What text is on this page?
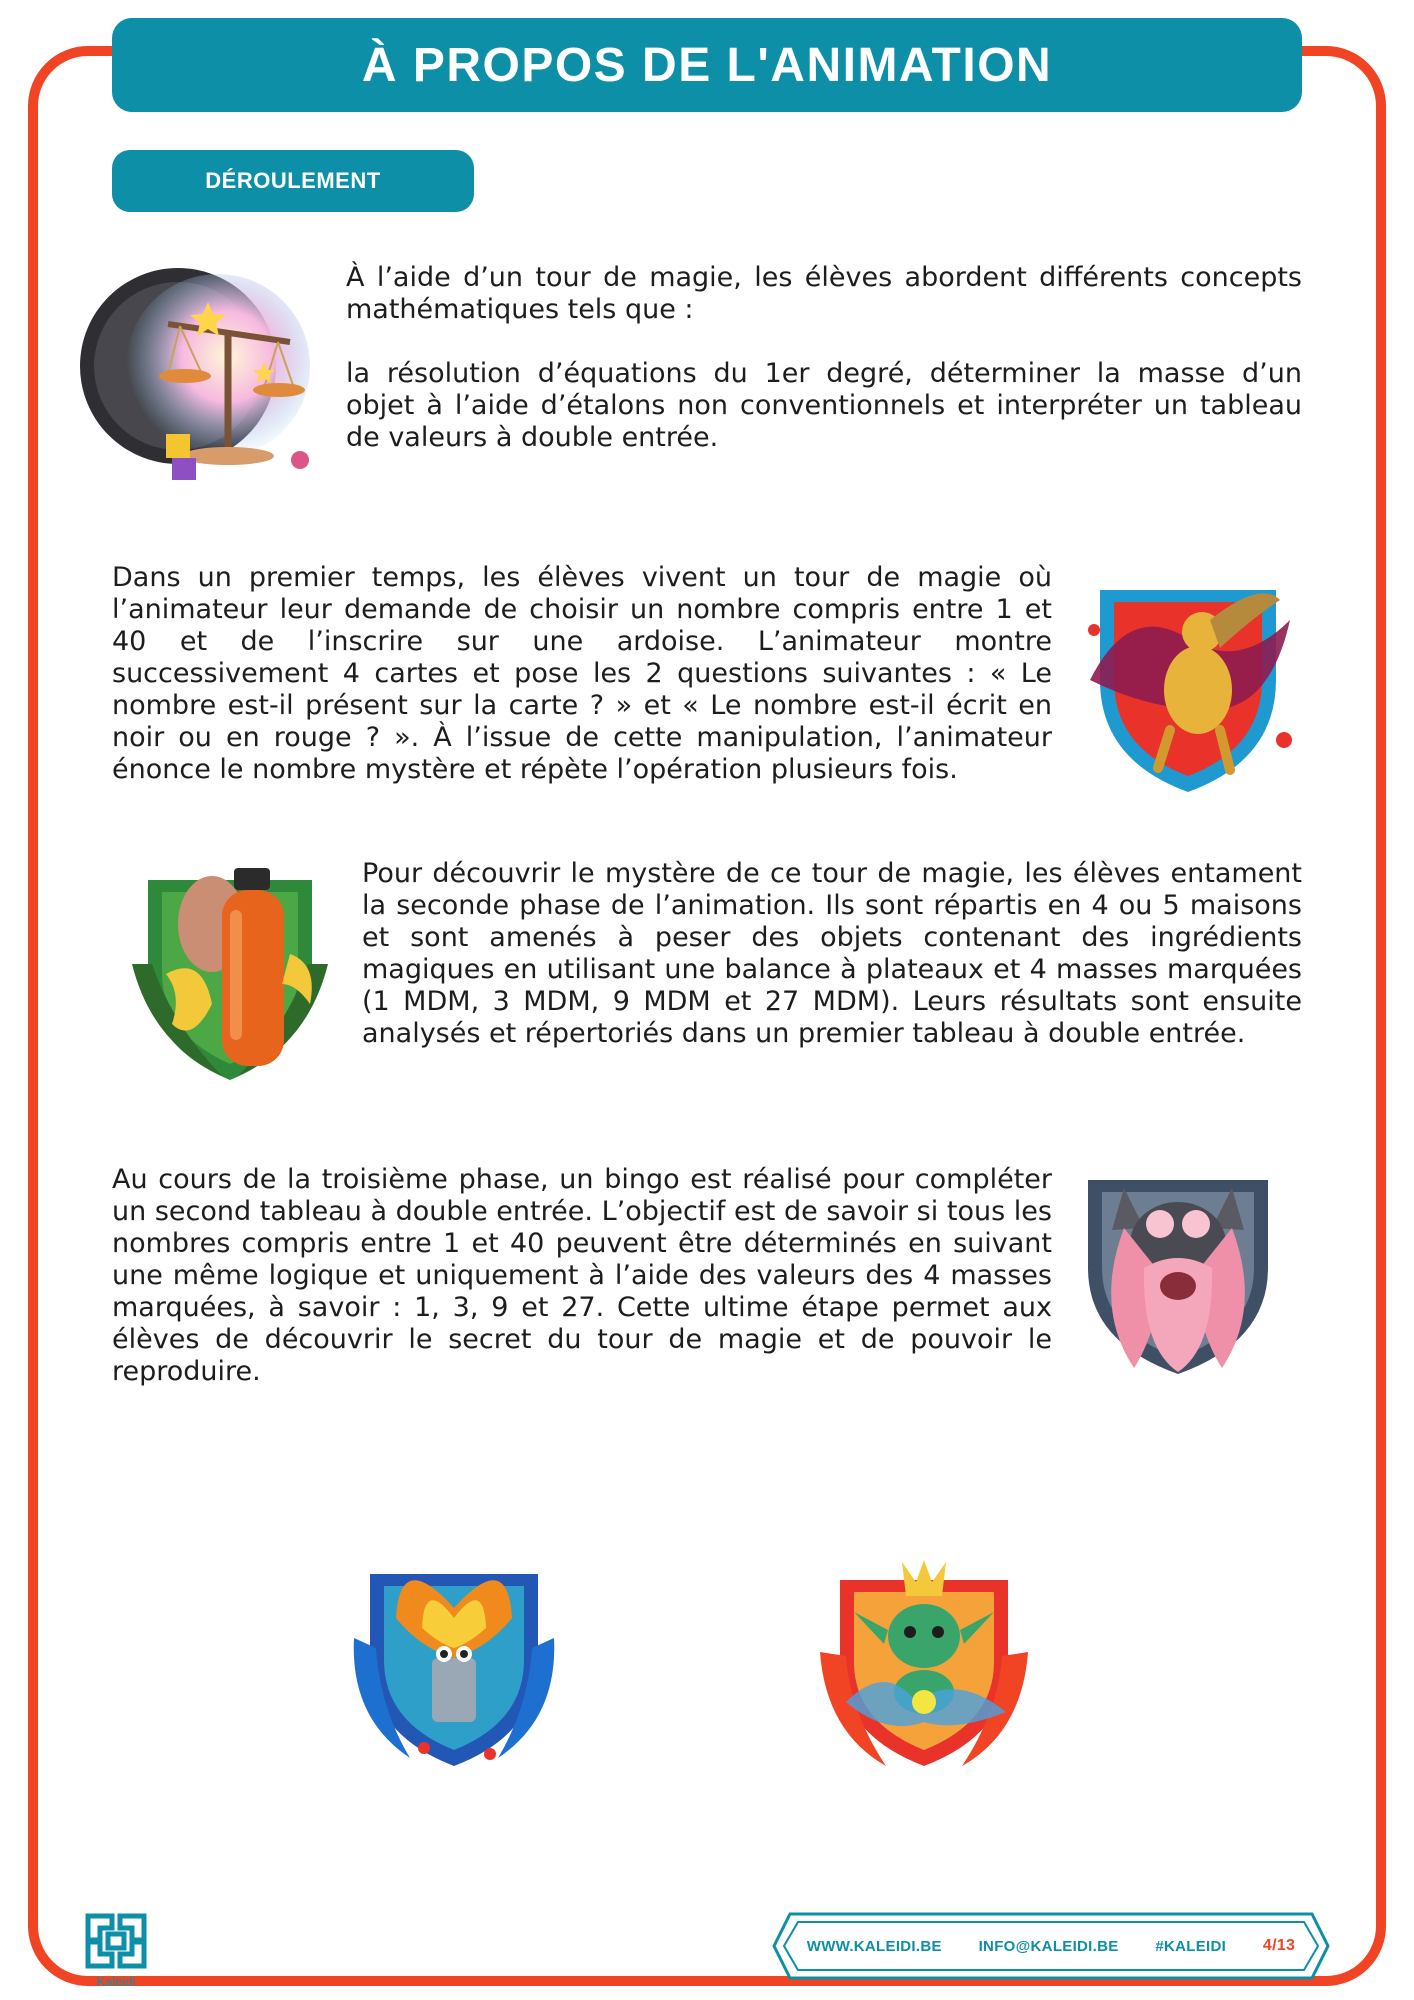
À PROPOS DE L'ANIMATION
DÉROULEMENT

À l’aide d’un tour de magie, les élèves abordent différents concepts mathématiques tels que :

la résolution d’équations du 1er degré, déterminer la masse d’un objet à l’aide d’étalons non conventionnels et interpréter un tableau de valeurs à double entrée.

Dans un premier temps, les élèves vivent un tour de magie où l’animateur leur demande de choisir un nombre compris entre 1 et 40 et de l’inscrire sur une ardoise. L’animateur montre successivement 4 cartes et pose les 2 questions suivantes : « Le nombre est-il présent sur la carte ? » et « Le nombre est-il écrit en noir ou en rouge ? ». À l’issue de cette manipulation, l’animateur énonce le nombre mystère et répète l’opération plusieurs fois.

Pour découvrir le mystère de ce tour de magie, les élèves entament la seconde phase de l’animation. Ils sont répartis en 4 ou 5 maisons et sont amenés à peser des objets contenant des ingrédients magiques en utilisant une balance à plateaux et 4 masses marquées (1 MDM, 3 MDM, 9 MDM et 27 MDM). Leurs résultats sont ensuite analysés et répertoriés dans un premier tableau à double entrée.

Au cours de la troisième phase, un bingo est réalisé pour compléter un second tableau à double entrée. L’objectif est de savoir si tous les nombres compris entre 1 et 40 peuvent être déterminés en suivant une même logique et uniquement à l’aide des valeurs des 4 masses marquées, à savoir : 1, 3, 9 et 27. Cette ultime étape permet aux élèves de découvrir le secret du tour de magie et de pouvoir le reproduire.

Kaleidi
WWW.KALEIDI.BE INFO@KALEIDI.BE #KALEIDI 4/13
